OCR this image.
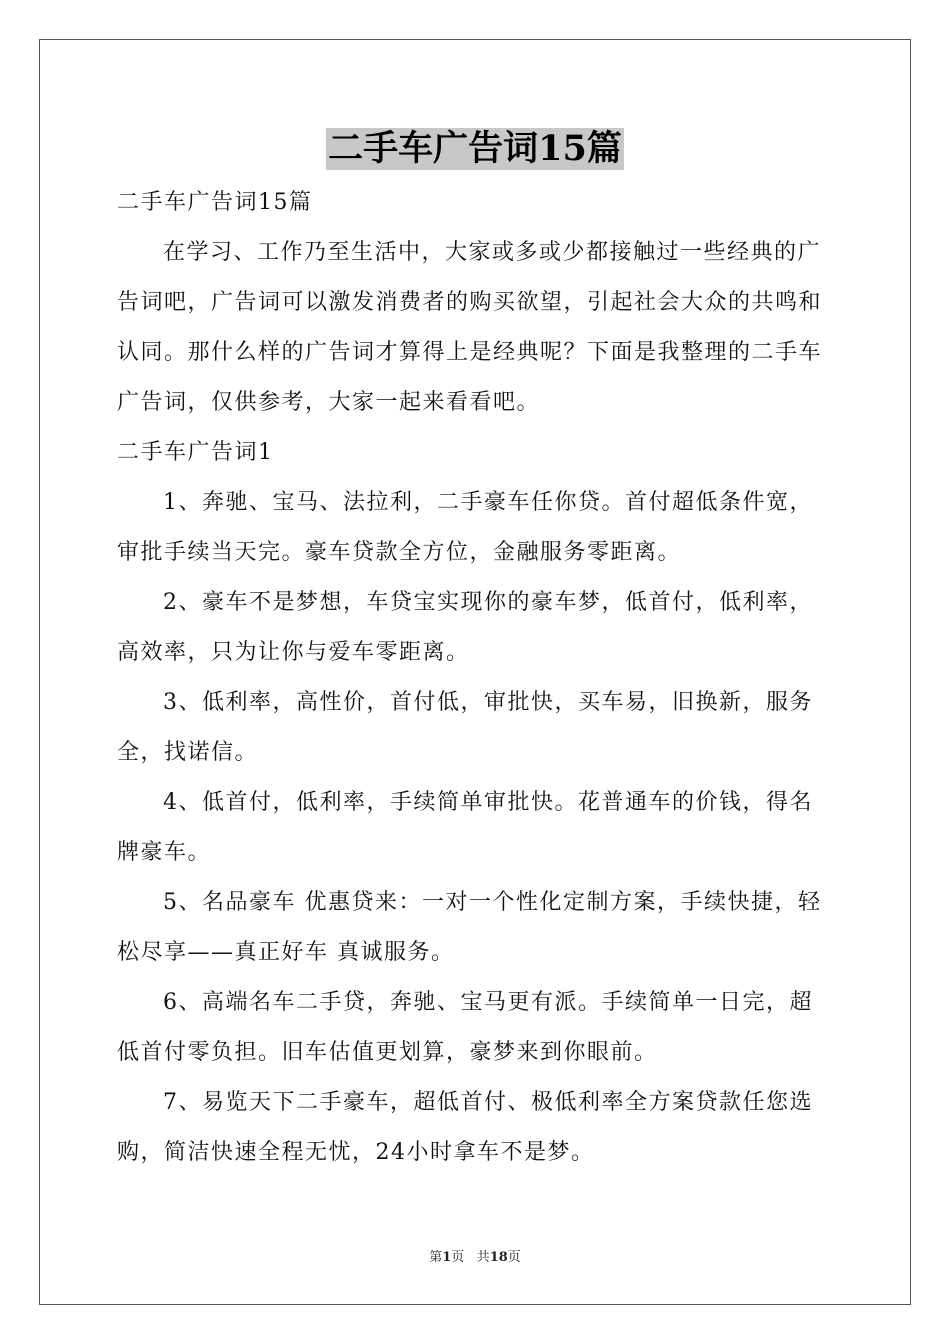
二手车广告词15篇

二手车广告词15篇

在学习、工作乃至生活中，大家或多或少都接触过一些经典的广

告词吧，广告词可以激发消费者的购买欲望，引起社会大众的共鸣和

认同。那什么样的广告词才算得上是经典呢？下面是我整理的二手车

广告词，仅供参考，大家一起来看看吧。

二手车广告词1

1、奔驰、宝马、法拉利，二手豪车任你贷。首付超低条件宽，

审批手续当天完。豪车贷款全方位，金融服务零距离。

2、豪车不是梦想，车贷宝实现你的豪车梦，低首付，低利率，

高效率，只为让你与爱车零距离。

3、低利率，高性价，首付低，审批快，买车易，旧换新，服务

全，找诺信。

4、低首付，低利率，手续简单审批快。花普通车的价钱，得名

牌豪车。

5、名品豪车 优惠贷来：一对一个性化定制方案，手续快捷，轻

松尽享——真正好车 真诚服务。

6、高端名车二手贷，奔驰、宝马更有派。手续简单一日完，超

低首付零负担。旧车估值更划算，豪梦来到你眼前。

7、易览天下二手豪车，超低首付、极低利率全方案贷款任您选

购，简洁快速全程无忧，24小时拿车不是梦。

第1页 共18页
